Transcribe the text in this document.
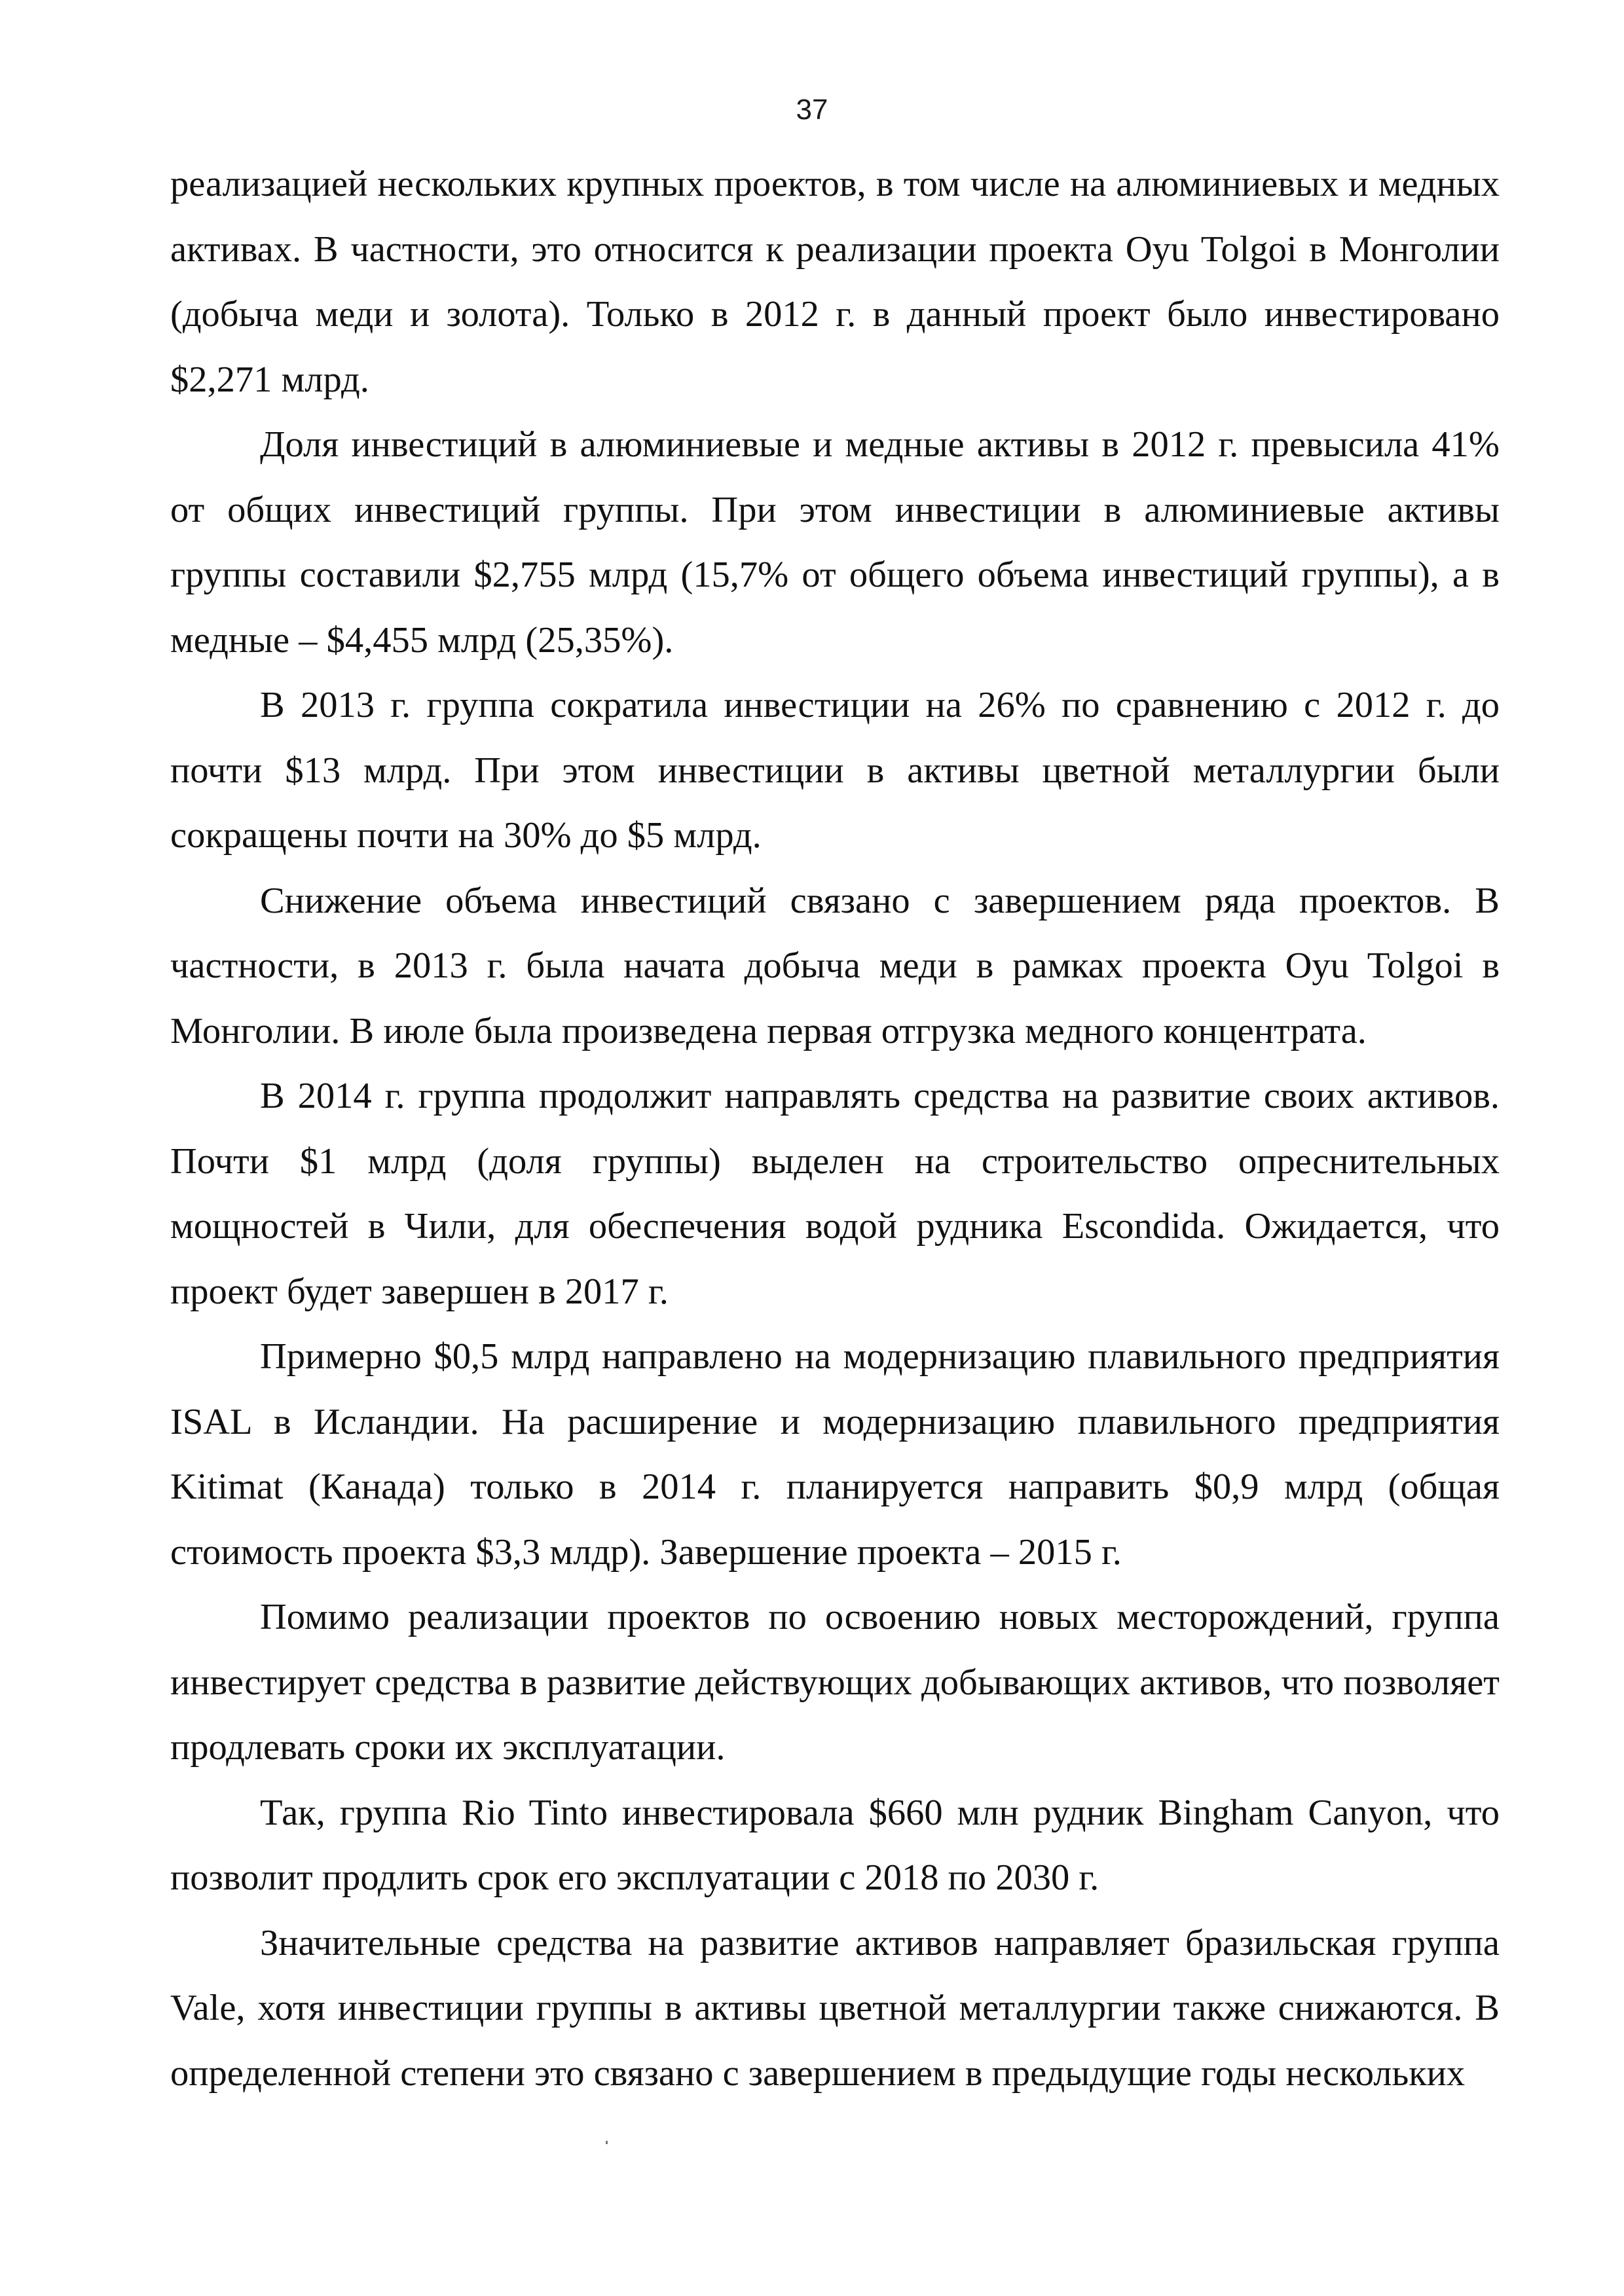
37

реализацией нескольких крупных проектов, в том числе на алюминиевых и медных активах. В частности, это относится к реализации проекта Oyu Tolgoi в Монголии (добыча меди и золота). Только в 2012 г. в данный проект было инвестировано $2,271 млрд.

Доля инвестиций в алюминиевые и медные активы в 2012 г. превысила 41% от общих инвестиций группы. При этом инвестиции в алюминиевые активы группы составили $2,755 млрд (15,7% от общего объема инвестиций группы), а в медные – $4,455 млрд (25,35%).

В 2013 г. группа сократила инвестиции на 26% по сравнению с 2012 г. до почти $13 млрд. При этом инвестиции в активы цветной металлургии были сокращены почти на 30% до $5 млрд.

Снижение объема инвестиций связано с завершением ряда проектов. В частности, в 2013 г. была начата добыча меди в рамках проекта Oyu Tolgoi в Монголии. В июле была произведена первая отгрузка медного концентрата.

В 2014 г. группа продолжит направлять средства на развитие своих активов. Почти $1 млрд (доля группы) выделен на строительство опреснительных мощностей в Чили, для обеспечения водой рудника Escondida. Ожидается, что проект будет завершен в 2017 г.

Примерно $0,5 млрд направлено на модернизацию плавильного предприятия ISAL в Исландии. На расширение и модернизацию плавильного предприятия Kitimat (Канада) только в 2014 г. планируется направить $0,9 млрд (общая стоимость проекта $3,3 млдр). Завершение проекта – 2015 г.

Помимо реализации проектов по освоению новых месторождений, группа инвестирует средства в развитие действующих добывающих активов, что позволяет продлевать сроки их эксплуатации.

Так, группа Rio Tinto инвестировала $660 млн рудник Bingham Canyon, что позволит продлить срок его эксплуатации с 2018 по 2030 г.

Значительные средства на развитие активов направляет бразильская группа Vale, хотя инвестиции группы в активы цветной металлургии также снижаются. В определенной степени это связано с завершением в предыдущие годы нескольких
